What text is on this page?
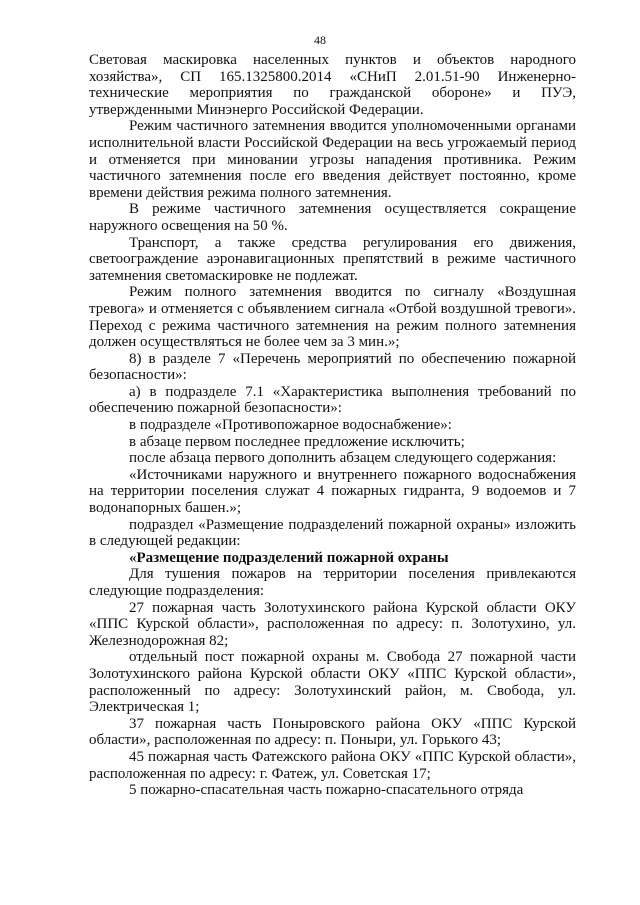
48

Световая маскировка населенных пунктов и объектов народного хозяйства», СП 165.1325800.2014 «СНиП 2.01.51-90 Инженерно-технические мероприятия по гражданской обороне» и ПУЭ, утвержденными Минэнерго Российской Федерации.

Режим частичного затемнения вводится уполномоченными органами исполнительной власти Российской Федерации на весь угрожаемый период и отменяется при миновании угрозы нападения противника. Режим частичного затемнения после его введения действует постоянно, кроме времени действия режима полного затемнения.

В режиме частичного затемнения осуществляется сокращение наружного освещения на 50 %.

Транспорт, а также средства регулирования его движения, светоограждение аэронавигационных препятствий в режиме частичного затемнения светомаскировке не подлежат.

Режим полного затемнения вводится по сигналу «Воздушная тревога» и отменяется с объявлением сигнала «Отбой воздушной тревоги». Переход с режима частичного затемнения на режим полного затемнения должен осуществляться не более чем за 3 мин.»;

8) в разделе 7 «Перечень мероприятий по обеспечению пожарной безопасности»:

а) в подразделе 7.1 «Характеристика выполнения требований по обеспечению пожарной безопасности»:

в подразделе «Противопожарное водоснабжение»:

в абзаце первом последнее предложение исключить;

после абзаца первого дополнить абзацем следующего содержания:

«Источниками наружного и внутреннего пожарного водоснабжения на территории поселения служат 4 пожарных гидранта, 9 водоемов и 7 водонапорных башен.»;

подраздел «Размещение подразделений пожарной охраны» изложить в следующей редакции:

«Размещение подразделений пожарной охраны

Для тушения пожаров на территории поселения привлекаются следующие подразделения:

27 пожарная часть Золотухинского района Курской области ОКУ «ППС Курской области», расположенная по адресу: п. Золотухино, ул. Железнодорожная 82;

отдельный пост пожарной охраны м. Свобода 27 пожарной части Золотухинского района Курской области ОКУ «ППС Курской области», расположенный по адресу: Золотухинский район, м. Свобода, ул. Электрическая 1;

37 пожарная часть Поныровского района ОКУ «ППС Курской области», расположенная по адресу: п. Поныри, ул. Горького 43;

45 пожарная часть Фатежского района ОКУ «ППС Курской области», расположенная по адресу: г. Фатеж, ул. Советская 17;

5 пожарно-спасательная часть пожарно-спасательного отряда
